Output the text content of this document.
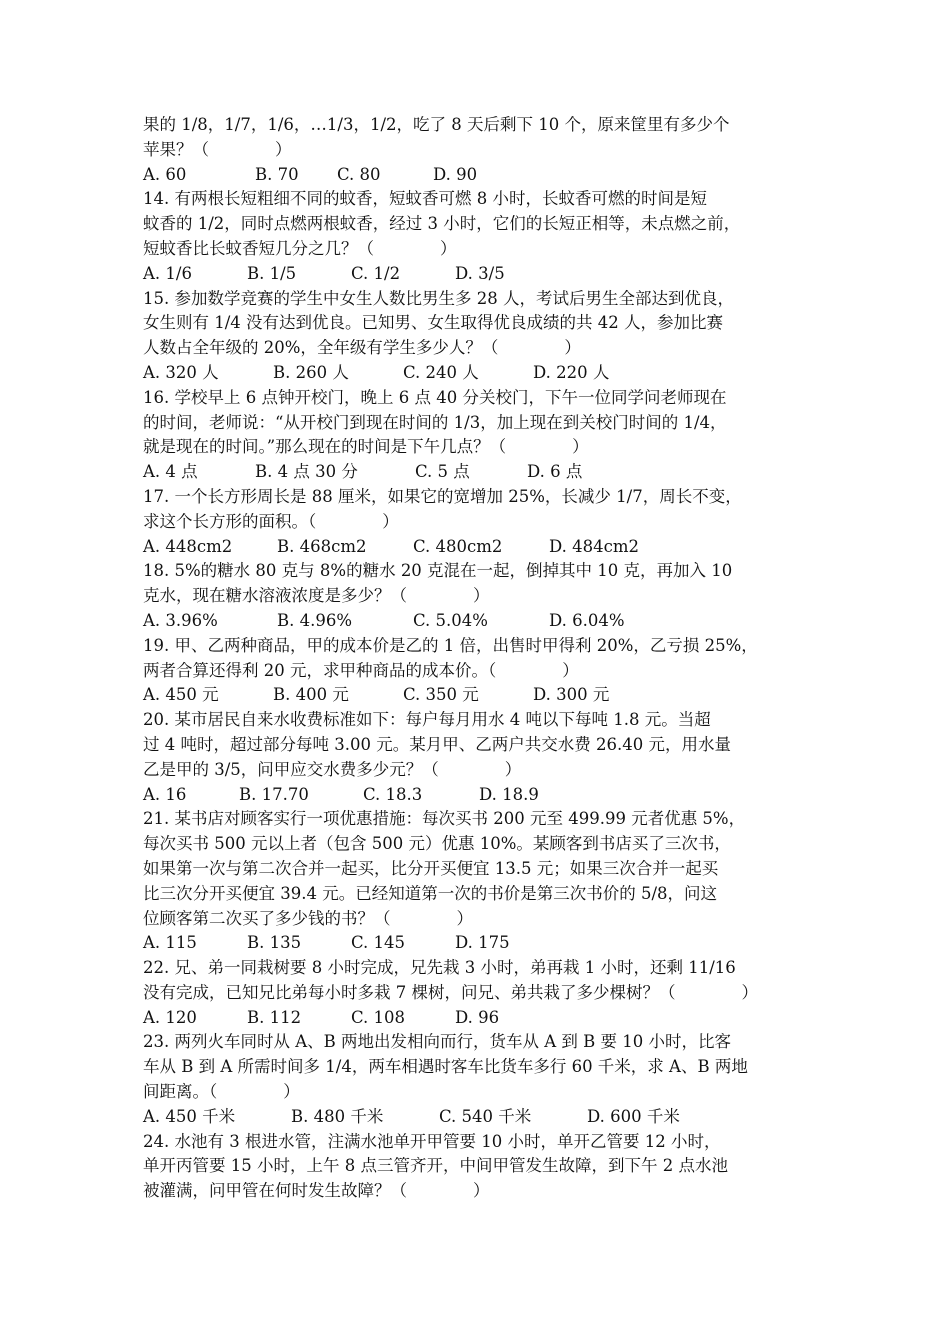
果的 1/8，1/7，1/6，…1/3，1/2，吃了 8 天后剩下 10 个，原来筐里有多少个
苹果？（　　　　）
A. 60	B. 70	C. 80	D. 90
14. 有两根长短粗细不同的蚊香，短蚊香可燃 8 小时，长蚊香可燃的时间是短
蚊香的 1/2，同时点燃两根蚊香，经过 3 小时，它们的长短正相等，未点燃之前，
短蚊香比长蚊香短几分之几？（　　　　）
A. 1/6	B. 1/5	C. 1/2	D. 3/5
15. 参加数学竞赛的学生中女生人数比男生多 28 人，考试后男生全部达到优良，
女生则有 1/4 没有达到优良。已知男、女生取得优良成绩的共 42 人，参加比赛
人数占全年级的 20%，全年级有学生多少人？（　　　　）
A. 320 人	B. 260 人	C. 240 人	D. 220 人
16. 学校早上 6 点钟开校门，晚上 6 点 40 分关校门，下午一位同学问老师现在
的时间，老师说：“从开校门到现在时间的 1/3，加上现在到关校门时间的 1/4，
就是现在的时间。”那么现在的时间是下午几点？（　　　　）
A. 4 点	B. 4 点 30 分	C. 5 点	D. 6 点
17. 一个长方形周长是 88 厘米，如果它的宽增加 25%，长减少 1/7，周长不变，
求这个长方形的面积。（　　　　）
A. 448cm2	B. 468cm2	C. 480cm2	D. 484cm2
18. 5%的糖水 80 克与 8%的糖水 20 克混在一起，倒掉其中 10 克，再加入 10
克水，现在糖水溶液浓度是多少？（　　　　）
A. 3.96%	B. 4.96%	C. 5.04%	D. 6.04%
19. 甲、乙两种商品，甲的成本价是乙的 1 倍，出售时甲得利 20%，乙亏损 25%，
两者合算还得利 20 元，求甲种商品的成本价。（　　　　）
A. 450 元	B. 400 元	C. 350 元	D. 300 元
20. 某市居民自来水收费标准如下：每户每月用水 4 吨以下每吨 1.8 元。当超
过 4 吨时，超过部分每吨 3.00 元。某月甲、乙两户共交水费 26.40 元，用水量
乙是甲的 3/5，问甲应交水费多少元？（　　　　）
A. 16	B. 17.70	C. 18.3	D. 18.9
21. 某书店对顾客实行一项优惠措施：每次买书 200 元至 499.99 元者优惠 5%，
每次买书 500 元以上者（包含 500 元）优惠 10%。某顾客到书店买了三次书，
如果第一次与第二次合并一起买，比分开买便宜 13.5 元；如果三次合并一起买
比三次分开买便宜 39.4 元。已经知道第一次的书价是第三次书价的 5/8，问这
位顾客第二次买了多少钱的书？（　　　　）
A. 115	B. 135	C. 145	D. 175
22. 兄、弟一同栽树要 8 小时完成，兄先栽 3 小时，弟再栽 1 小时，还剩 11/16
没有完成，已知兄比弟每小时多栽 7 棵树，问兄、弟共栽了多少棵树？（　　　　）
A. 120	B. 112	C. 108	D. 96
23. 两列火车同时从 A、B 两地出发相向而行，货车从 A 到 B 要 10 小时，比客
车从 B 到 A 所需时间多 1/4，两车相遇时客车比货车多行 60 千米，求 A、B 两地
间距离。（　　　　）
A. 450 千米	B. 480 千米	C. 540 千米	D. 600 千米
24. 水池有 3 根进水管，注满水池单开甲管要 10 小时，单开乙管要 12 小时，
单开丙管要 15 小时，上午 8 点三管齐开，中间甲管发生故障，到下午 2 点水池
被灌满，问甲管在何时发生故障？（　　　　）
